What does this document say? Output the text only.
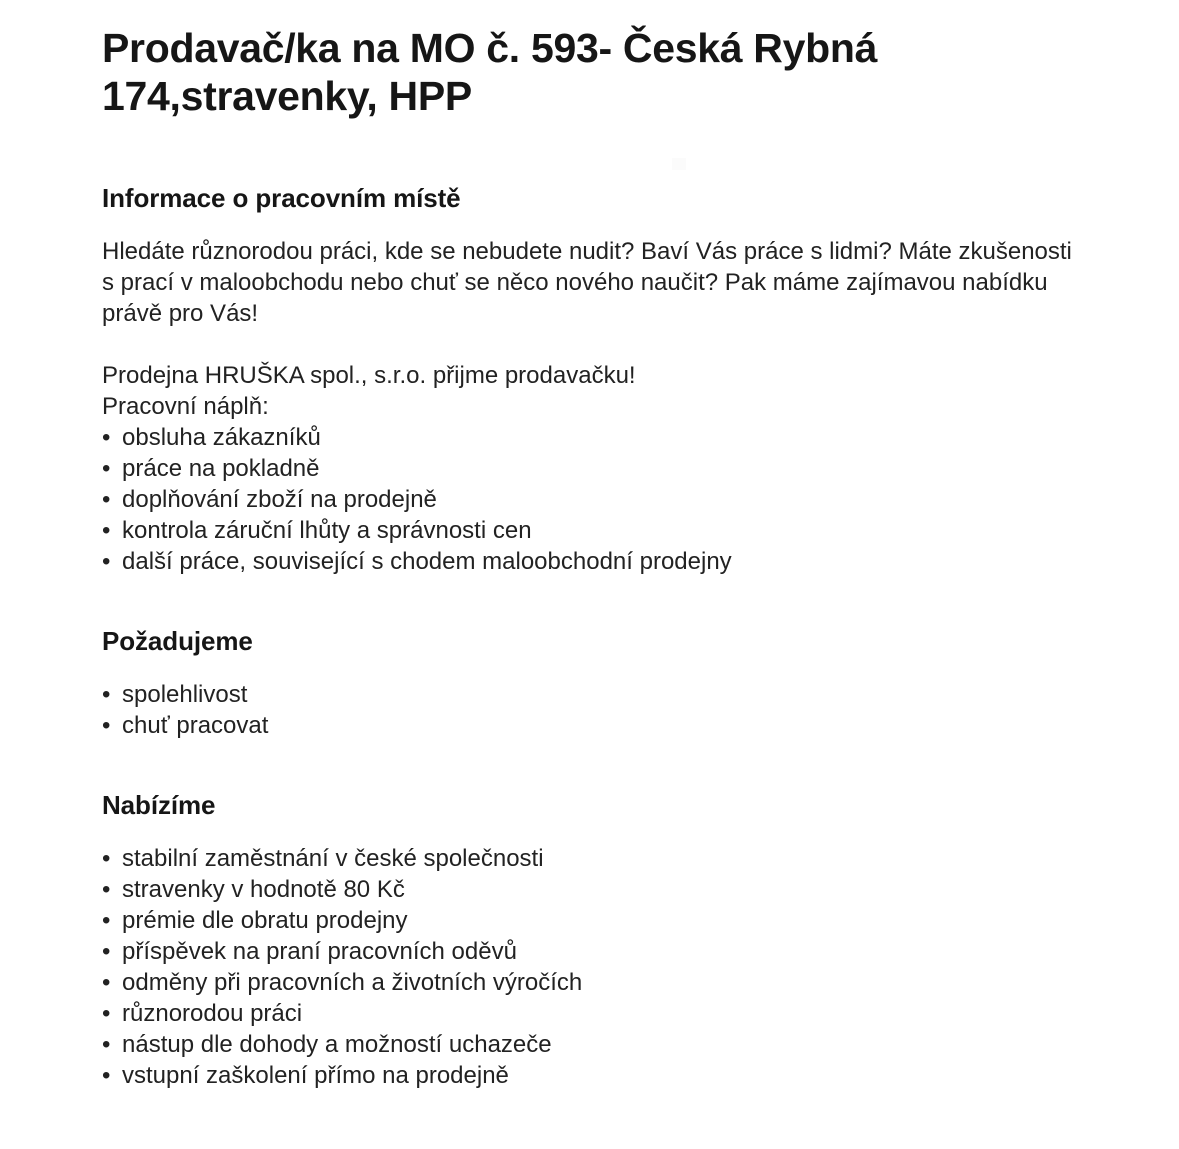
Prodavač/ka na MO č. 593- Česká Rybná
174,stravenky, HPP
Informace o pracovním místě

Hledáte různorodou práci, kde se nebudete nudit? Baví Vás práce s lidmi? Máte zkušenosti
s prací v maloobchodu nebo chuť se něco nového naučit? Pak máme zajímavou nabídku
právě pro Vás!

Prodejna HRUŠKA spol., s.r.o. přijme prodavačku!
Pracovní náplň:
• obsluha zákazníků
• práce na pokladně
• doplňování zboží na prodejně
• kontrola záruční lhůty a správnosti cen
• další práce, související s chodem maloobchodní prodejny
Požadujeme
• spolehlivost
• chuť pracovat
Nabízíme
• stabilní zaměstnání v české společnosti
• stravenky v hodnotě 80 Kč
• prémie dle obratu prodejny
• příspěvek na praní pracovních oděvů
• odměny při pracovních a životních výročích
• různorodou práci
• nástup dle dohody a možností uchazeče
• vstupní zaškolení přímo na prodejně
